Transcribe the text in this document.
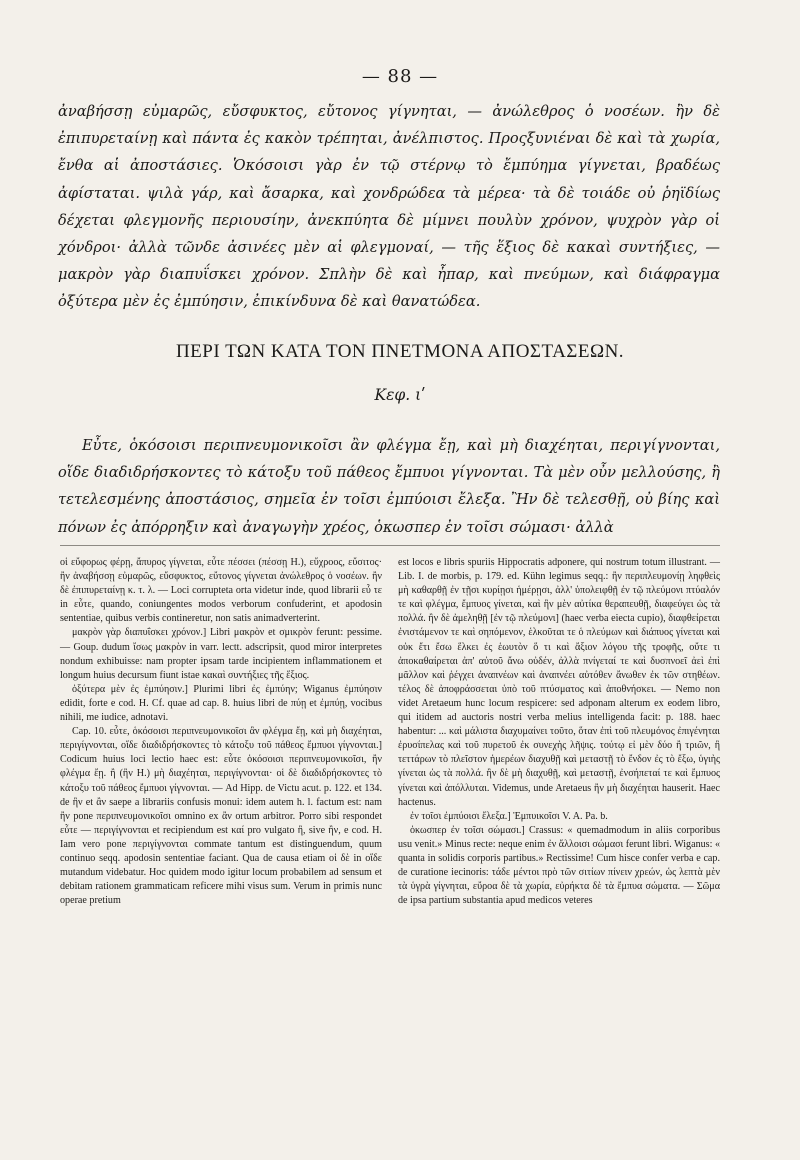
— 88 —

ἀναβήσσῃ εὐμαρῶς, εὔσφυκτος, εὔτονος γίγνηται, — ἀνώλεθρος ὁ νοσέων. ἢν δὲ ἐπιπυρεταίνῃ καὶ πάντα ἐς κακὸν τρέπηται, ἀνέλπιστος. Προςξυνιέναι δὲ καὶ τὰ χωρία, ἔνθα αἱ ἀποστάσιες. Ὁκόσοισι γὰρ ἐν τῷ στέρνῳ τὸ ἔμπύημα γίγνεται, βραδέως ἀφίσταται. ψιλὰ γάρ, καὶ ἄσαρκα, καὶ χονδρώδεα τὰ μέρεα· τὰ δὲ τοιάδε οὐ ῥηϊδίως δέχεται φλεγμονῆς περιουσίην, ἀνεκπύητα δὲ μίμνει πουλὺν χρόνον, ψυχρὸν γὰρ οἱ χόνδροι· ἀλλὰ τῶνδε ἀσινέες μὲν αἱ φλεγμοναί, — τῆς ἕξιος δὲ κακαὶ συντήξιες, — μακρὸν γὰρ διαπυΐσκει χρόνον. Σπλὴν δὲ καὶ ἧπαρ, καὶ πνεύμων, καὶ διάφραγμα ὀξύτερα μὲν ἐς ἐμπύησιν, ἐπικίνδυνα δὲ καὶ θανατώδεα.

ΠΕΡΙ ΤΩΝ ΚΑΤΑ ΤΟΝ ΠΝΕΤΜΟΝΑ ΑΠΟΣΤΑΣΕΩΝ.
Κεφ. ιʹ

Εὖτε, ὁκόσοισι περιπνευμονικοῖσι ἂν φλέγμα ἔῃ, καὶ μὴ διαχέηται, περιγίγνονται, οἵδε διαδιδρήσκοντες τὸ κάτοξυ τοῦ πάθεος ἔμπυοι γίγνονται. Τὰ μὲν οὖν μελλούσης, ἢ τετελεσμένης ἀποστάσιος, σημεῖα ἐν τοῖσι ἐμπύοισι ἔλεξα. Ἢν δὲ τελεσθῇ, οὐ βίης καὶ πόνων ἐς ἀπόρρηξιν καὶ ἀναγωγὴν χρέος, ὁκωσπερ ἐν τοῖσι σώμασι· ἀλλὰ

οἱ εὔφορως φέρῃ, ἄπυρος γίγνεται, εὖτε πέσσει (πέσσῃ H.), εὔχροος, εὔσιτος· ἢν ἀναβήσσῃ εὐμαρῶς, εὔσφυκτος, εὔτονος γίγνεται ἀνώλεθρος ὁ νοσέων. ἢν δὲ ἐπιπυρεταίνῃ κ. τ. λ. — Loci corrupteta orta videtur inde, quod librarii εὖ τε in εὖτε, quando, coniungentes modos verborum confuderint, et apodosin sententiae, quibus verbis contineretur, non satis animadverterint.

μακρὸν γὰρ διαπυΐσκει χρόνον.] Libri μακρὸν et σμικρὸν ferunt: pessime. — Goup. dudum ἴσως μακρὸν in varr. lectt. adscripsit, quod miror interpretes nondum exhibuisse: nam propter ipsam tarde incipientem inflammationem et longum huius decursum fiunt istae κακαὶ συντήξιες τῆς ἕξιος.

ὀξύτερα μὲν ἐς ἐμπύησιν.] Plurimi libri ἐς ἐμπύην; Wiganus ἐμπύησιν edidit, forte e cod. H. Cf. quae ad cap. 8. huius libri de πύῃ et ἐμπύῃ, vocibus nihili, me iudice, adnotavi.

Cap. 10. εὖτε, ὁκόσοισι περιπνευμονικοῖσι ἂν φλέγμα ἔῃ, καὶ μὴ διαχέηται, περιγίγνονται, οἵδε διαδιδρήσκοντες τὸ κάτοξυ τοῦ πάθεος ἔμπυοι γίγνονται.] Codicum huius loci lectio haec est: εὖτε ὁκόσοισι περιπνευμονικοῖσι, ἢν φλέγμα ἔῃ. ἢ (ἢν H.) μὴ διαχέηται, περιγίγνονται· οἱ δὲ διαδιδρήσκοντες τὸ κάτοξυ τοῦ πάθεος ἔμπυοι γίγνονται. — Ad Hipp. de Victu acut. p. 122. et 134. de ἢν et ἂν saepe a librariis confusis monui: idem autem h. l. factum est: nam ἢν pone περιπνευμονικοῖσι omnino ex ἂν ortum arbitror. Porro sibi respondet εὖτε — περιγίγνονται et recipiendum est καί pro vulgato ἢ, sive ἢν, e cod. H. Iam vero pone περιγίγνονται commate tantum est distinguendum, quum continuo seqq. apodosin sententiae faciant. Qua de causa etiam οἱ δὲ in οἵδε mutandum videbatur. Hoc quidem modo igitur locum probabilem ad sensum et debitam rationem grammaticam reficere mihi visus sum. Verum in primis nunc operae pretium

est locos e libris spuriis Hippocratis adponere, qui nostrum totum illustrant. — Lib. I. de morbis, p. 179. ed. Kühn legimus seqq.: ἢν περιπλευμονίῃ ληφθεὶς μὴ καθαρθῇ ἐν τῇσι κυρίῃσι ἡμέρῃσι, ἀλλ' ὑπολειφθῇ ἐν τῷ πλεύμονι πτύαλόν τε καὶ φλέγμα, ἔμπυος γίνεται, καὶ ἢν μὲν αὐτίκα θεραπευθῇ, διαφεύγει ὡς τὰ πολλά. ἢν δὲ ἀμεληθῇ [ἐν τῷ πλεύμονι] (haec verba eiecta cupio), διαφθείρεται ἐνιστάμενον τε καὶ σηπόμενον, ἑλκοῦται τε ὁ πλεύμων καὶ διάπυος γίνεται καὶ οὐκ ἔτι ἔσω ἕλκει ἐς ἑωυτὸν ὅ τι καὶ ἄξιον λόγου τῆς τροφῆς, οὔτε τι ἀποκαθαίρεται ἀπ' αὐτοῦ ἄνω οὐδέν, ἀλλὰ πνίγεταί τε καὶ δυσπνοεῖ ἀεὶ ἐπὶ μᾶλλον καὶ ῥέγχει ἀναπνέων καὶ ἀναπνέει αὐτόθεν ἄνωθεν ἐκ τῶν στηθέων. τέλος δὲ ἀποφράσσεται ὑπὸ τοῦ πτύσματος καὶ ἀποθνήσκει. — Nemo non videt Aretaeum hunc locum respicere: sed adponam alterum ex eodem libro, qui itidem ad auctoris nostri verba melius intelligenda facit: p. 188. haec habentur: ... καὶ μάλιστα διαχυμαίνει τοῦτο, ὅταν ἐπὶ τοῦ πλευμόνος ἐπιγένηται ἐρυσίπελας καὶ τοῦ πυρετοῦ ἐκ συνεχὴς λῆψις. τούτῳ εἰ μὲν δύο ἢ τριῶν, ἢ τεττάρων τὸ πλεῖστον ἡμερέων διαχυθῇ καὶ μεταστῇ τὸ ἔνδον ἐς τὸ ἔξω, ὑγιὴς γίνεται ὡς τὰ πολλά. ἢν δὲ μὴ διαχυθῇ, καὶ μεταστῇ, ἐνσήπεταί τε καὶ ἔμπυος γίνεται καὶ ἀπόλλυται. Videmus, unde Aretaeus ἢν μὴ διαχέηται hauserit. Haec hactenus.

ἐν τοῖσι ἐμπύοισι ἔλεξα.] Ἐμπυικοῖσι V. A. Pa. b.

ὁκωσπερ ἐν τοῖσι σώμασι.] Crassus: « quemadmodum in aliis corporibus usu venit.» Minus recte: neque enim ἐν ἄλλοισι σώμασι ferunt libri. Wiganus: « quanta in solidis corporis partibus.» Rectissime! Cum hisce confer verba e cap. de curatione iecinoris: τάδε μέντοι πρὸ τῶν σιτίων πίνειν χρεών, ὡς λεπτὰ μὲν τὰ ὑγρὰ γίγνηται, εὔροα δὲ τὰ χωρία, εὐρήκτα δὲ τὰ ἔμπυα σώματα. — Σῶμα de ipsa partium substantia apud medicos veteres
